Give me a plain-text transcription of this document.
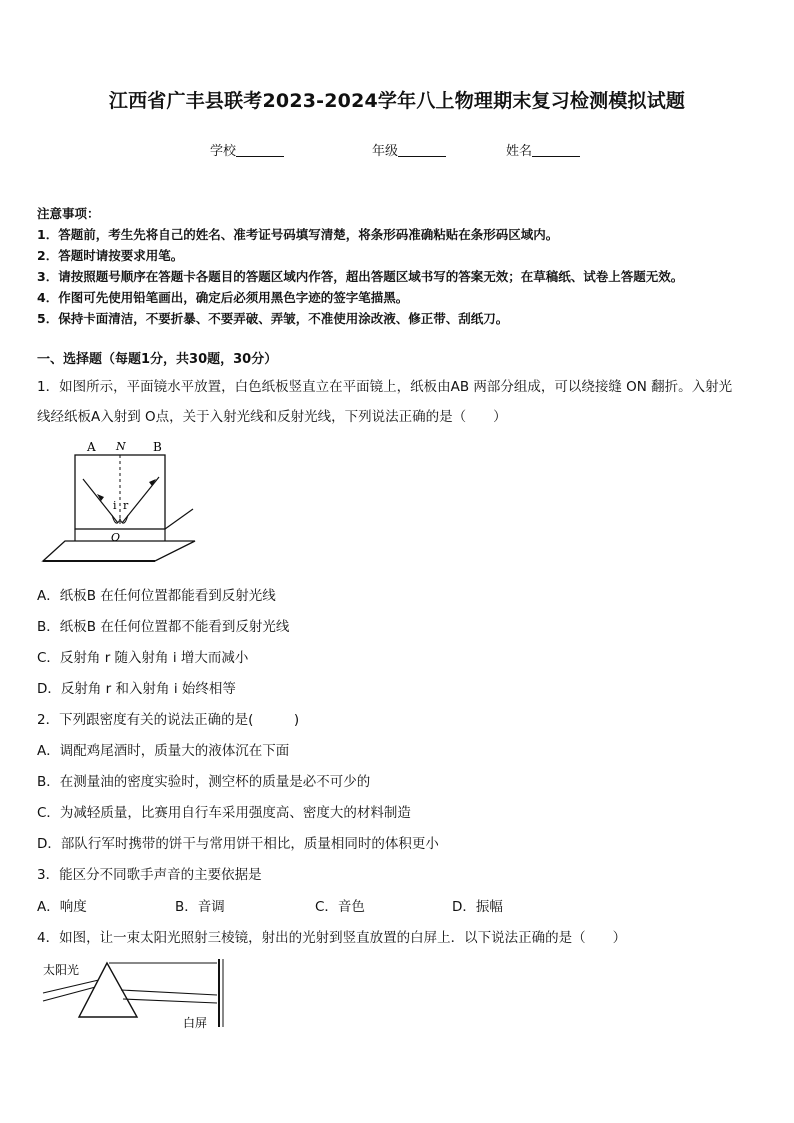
江西省广丰县联考2023-2024学年八上物理期末复习检测模拟试题
学校	年级	姓名
注意事项：
1．答题前，考生先将自己的姓名、准考证号码填写清楚，将条形码准确粘贴在条形码区域内。
2．答题时请按要求用笔。
3．请按照题号顺序在答题卡各题目的答题区域内作答，超出答题区域书写的答案无效；在草稿纸、试卷上答题无效。
4．作图可先使用铅笔画出，确定后必须用黑色字迹的签字笔描黑。
5．保持卡面清洁，不要折暴、不要弄破、弄皱，不准使用涂改液、修正带、刮纸刀。
一、选择题（每题1分，共30题，30分）
1．如图所示，平面镜水平放置，白色纸板竖直立在平面镜上，纸板由AB 两部分组成，可以绕接缝 ON 翻折。入射光
线经纸板A入射到 O点，关于入射光线和反射光线，下列说法正确的是（　　）
A N B
i r
O
A．纸板B 在任何位置都能看到反射光线
B．纸板B 在任何位置都不能看到反射光线
C．反射角 r 随入射角 i 增大而减小
D．反射角 r 和入射角 i 始终相等
2．下列跟密度有关的说法正确的是(　　　)
A．调配鸡尾酒时，质量大的液体沉在下面
B．在测量油的密度实验时，测空杯的质量是必不可少的
C．为减轻质量，比赛用自行车采用强度高、密度大的材料制造
D．部队行军时携带的饼干与常用饼干相比，质量相同时的体积更小
3．能区分不同歌手声音的主要依据是
A．响度	B．音调	C．音色	D．振幅
4．如图，让一束太阳光照射三棱镜，射出的光射到竖直放置的白屏上．以下说法正确的是（　　）
太阳光
白屏
